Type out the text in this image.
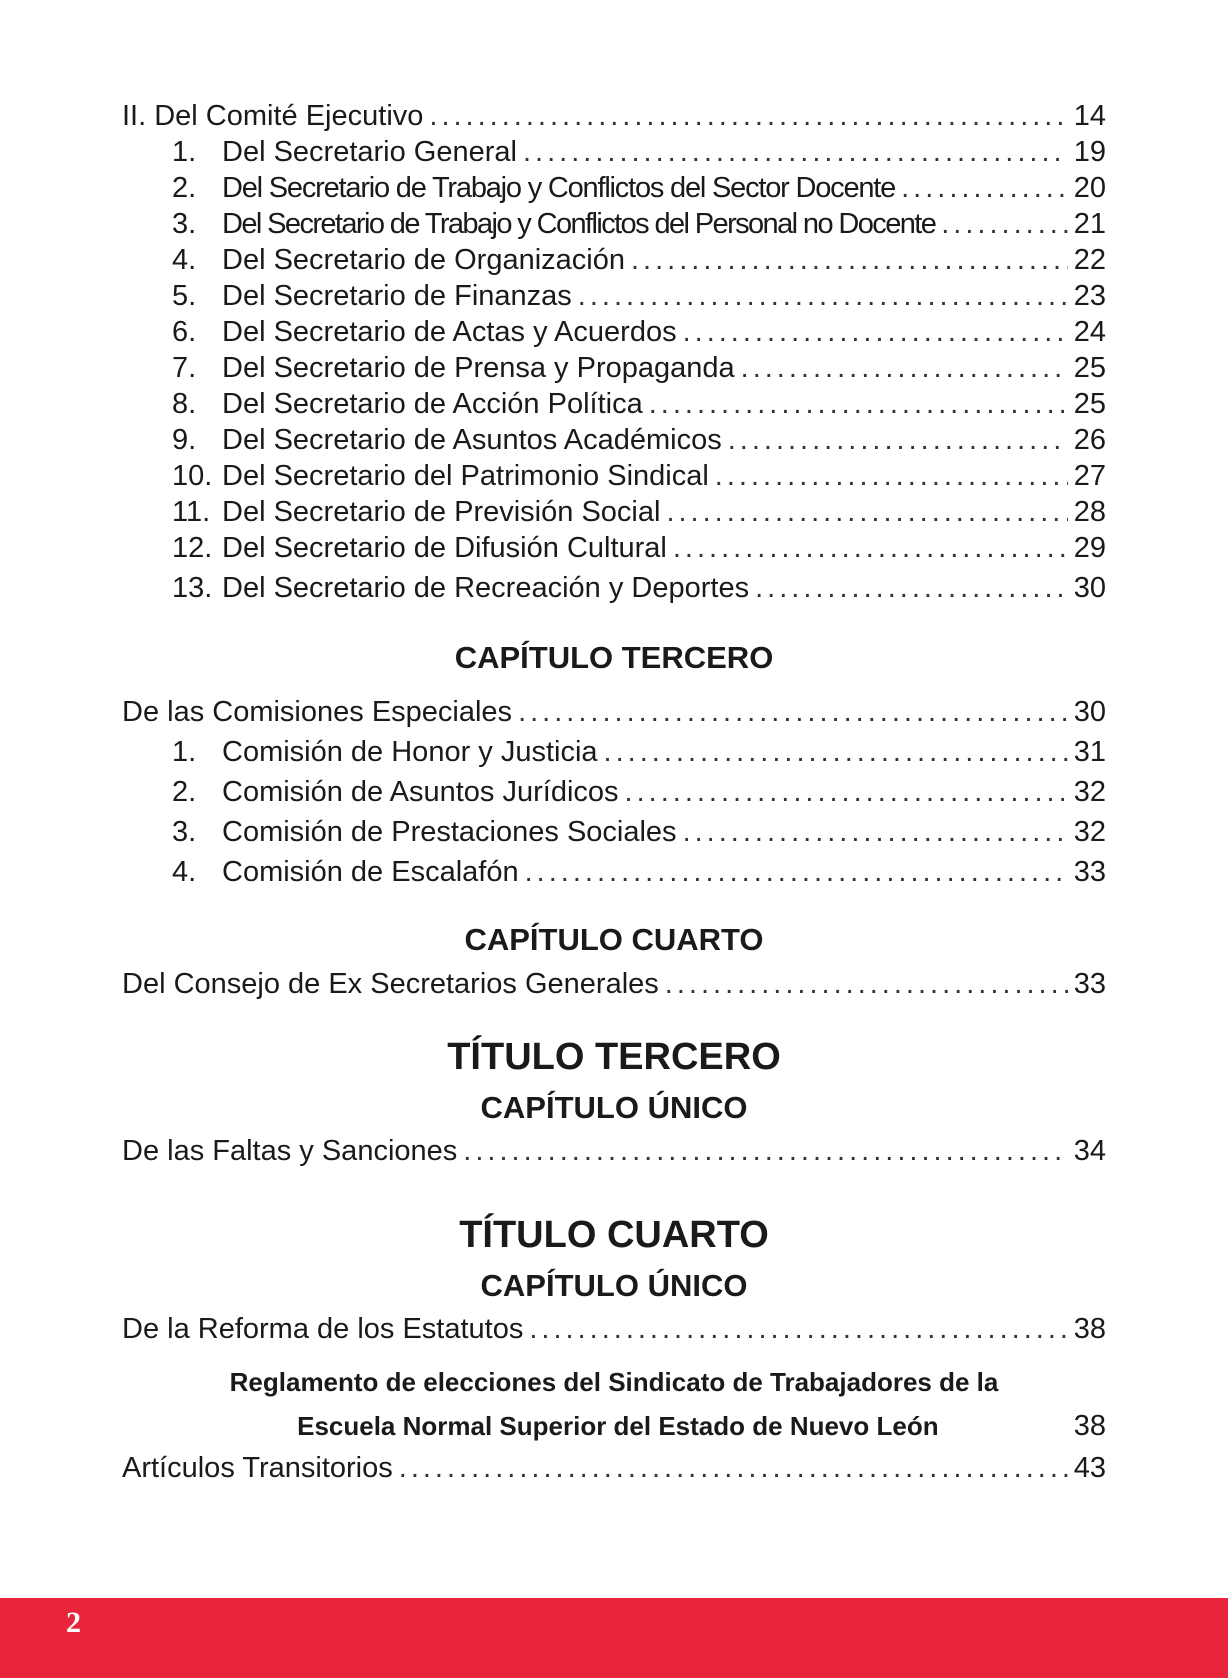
II. Del Comité Ejecutivo .....	14
1. Del Secretario General .....	19
2. Del Secretario de Trabajo y Conflictos del Sector Docente .....	20
3. Del Secretario de Trabajo y Conflictos del Personal no Docente .....	21
4. Del Secretario de Organización .....	22
5. Del Secretario de Finanzas .....	23
6. Del Secretario de Actas y Acuerdos .....	24
7. Del Secretario de Prensa y Propaganda .....	25
8. Del Secretario de Acción Política .....	25
9. Del Secretario de Asuntos Académicos .....	26
10. Del Secretario del Patrimonio Sindical .....	27
11. Del Secretario de Previsión Social .....	28
12. Del Secretario de Difusión Cultural .....	29
13. Del Secretario de Recreación y Deportes .....	30
CAPÍTULO TERCERO
De las Comisiones Especiales .....	30
1. Comisión de Honor y Justicia .....	31
2. Comisión de Asuntos Jurídicos .....	32
3. Comisión de Prestaciones Sociales .....	32
4. Comisión de Escalafón .....	33
CAPÍTULO CUARTO
Del Consejo de Ex Secretarios Generales .....	33
TÍTULO TERCERO
CAPÍTULO ÚNICO
De las Faltas y Sanciones .....	34
TÍTULO CUARTO
CAPÍTULO ÚNICO
De la Reforma de los Estatutos .....	38
Reglamento de elecciones del Sindicato de Trabajadores de la
Escuela Normal Superior del Estado de Nuevo León	38
Artículos Transitorios .....	43
2
